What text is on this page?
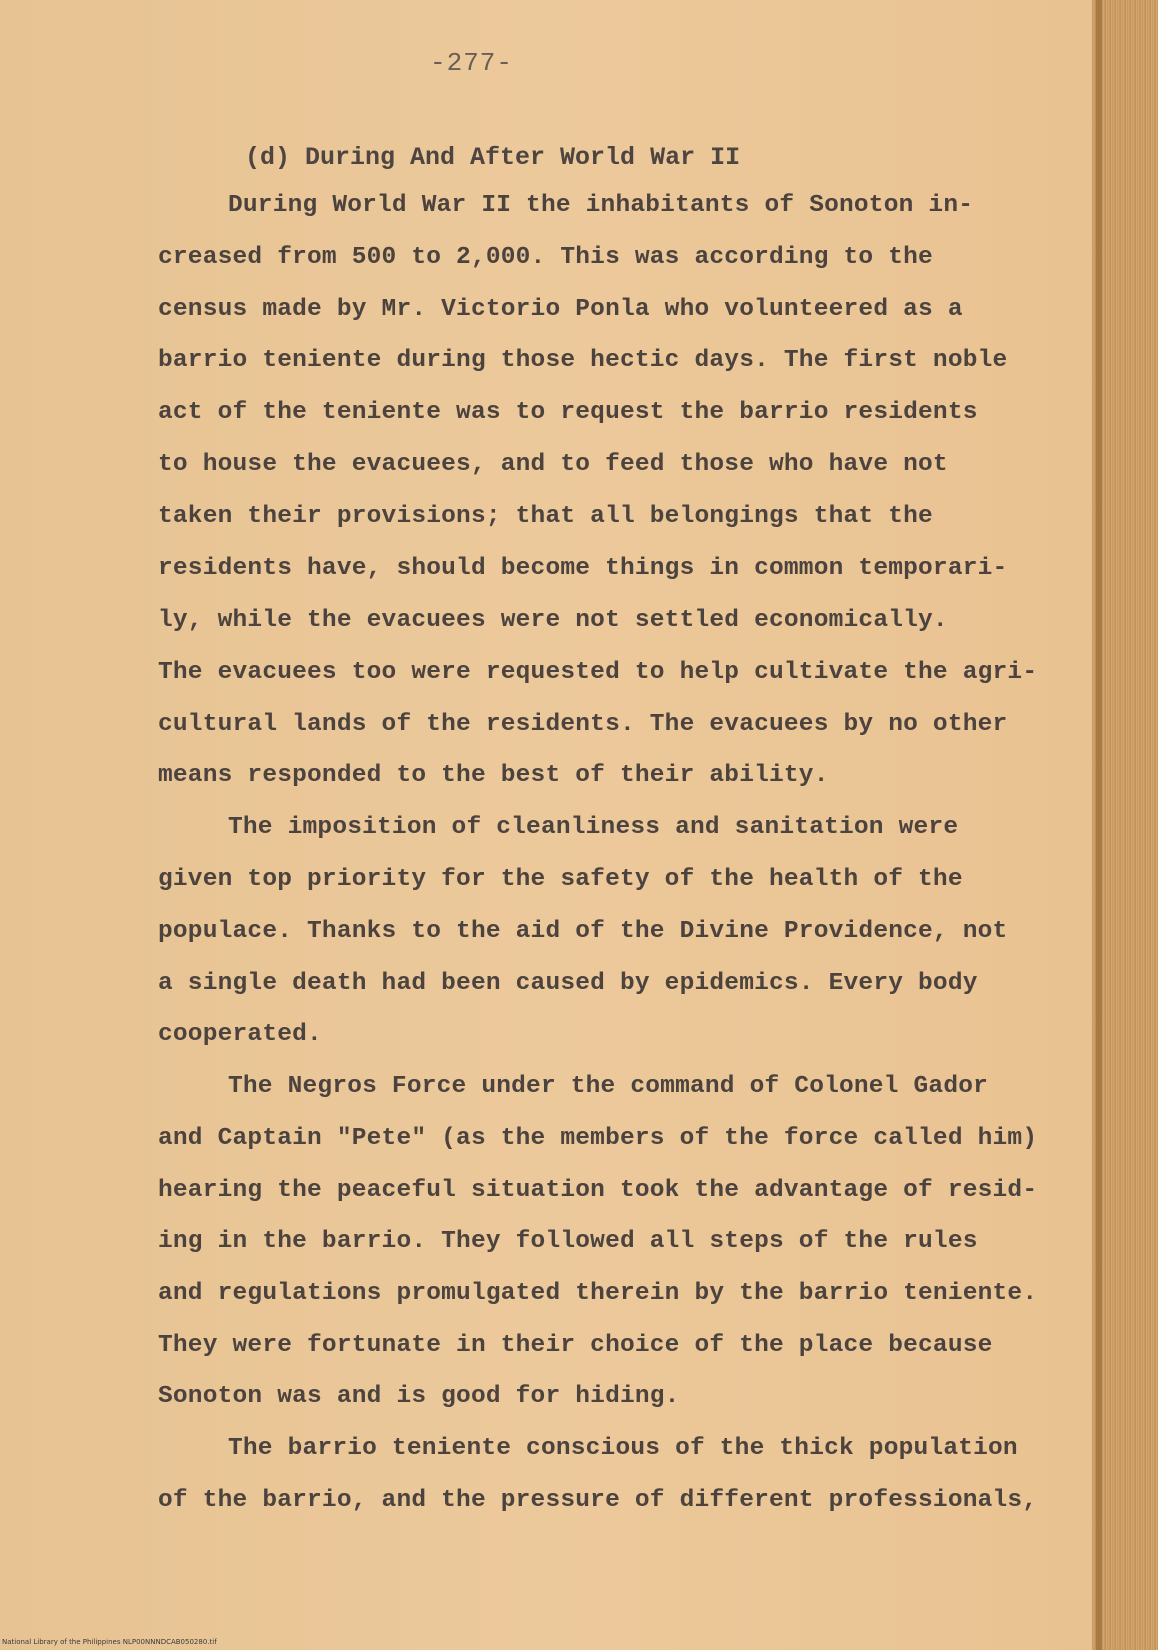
-277-
(d) During And After World War II
During World War II the inhabitants of Sonoton in-
creased from 500 to 2,000. This was according to the
census made by Mr. Victorio Ponla who volunteered as a
barrio teniente during those hectic days. The first noble
act of the teniente was to request the barrio residents
to house the evacuees, and to feed those who have not
taken their provisions; that all belongings that the
residents have, should become things in common temporari-
ly, while the evacuees were not settled economically.
The evacuees too were requested to help cultivate the agri-
cultural lands of the residents. The evacuees by no other
means responded to the best of their ability.
The imposition of cleanliness and sanitation were
given top priority for the safety of the health of the
populace. Thanks to the aid of the Divine Providence, not
a single death had been caused by epidemics. Every body
cooperated.
The Negros Force under the command of Colonel Gador
and Captain "Pete" (as the members of the force called him)
hearing the peaceful situation took the advantage of resid-
ing in the barrio. They followed all steps of the rules
and regulations promulgated therein by the barrio teniente.
They were fortunate in their choice of the place because
Sonoton was and is good for hiding.
The barrio teniente conscious of the thick population
of the barrio, and the pressure of different professionals,
National Library of the Philippines NLP00NNNDCAB050280.tif
